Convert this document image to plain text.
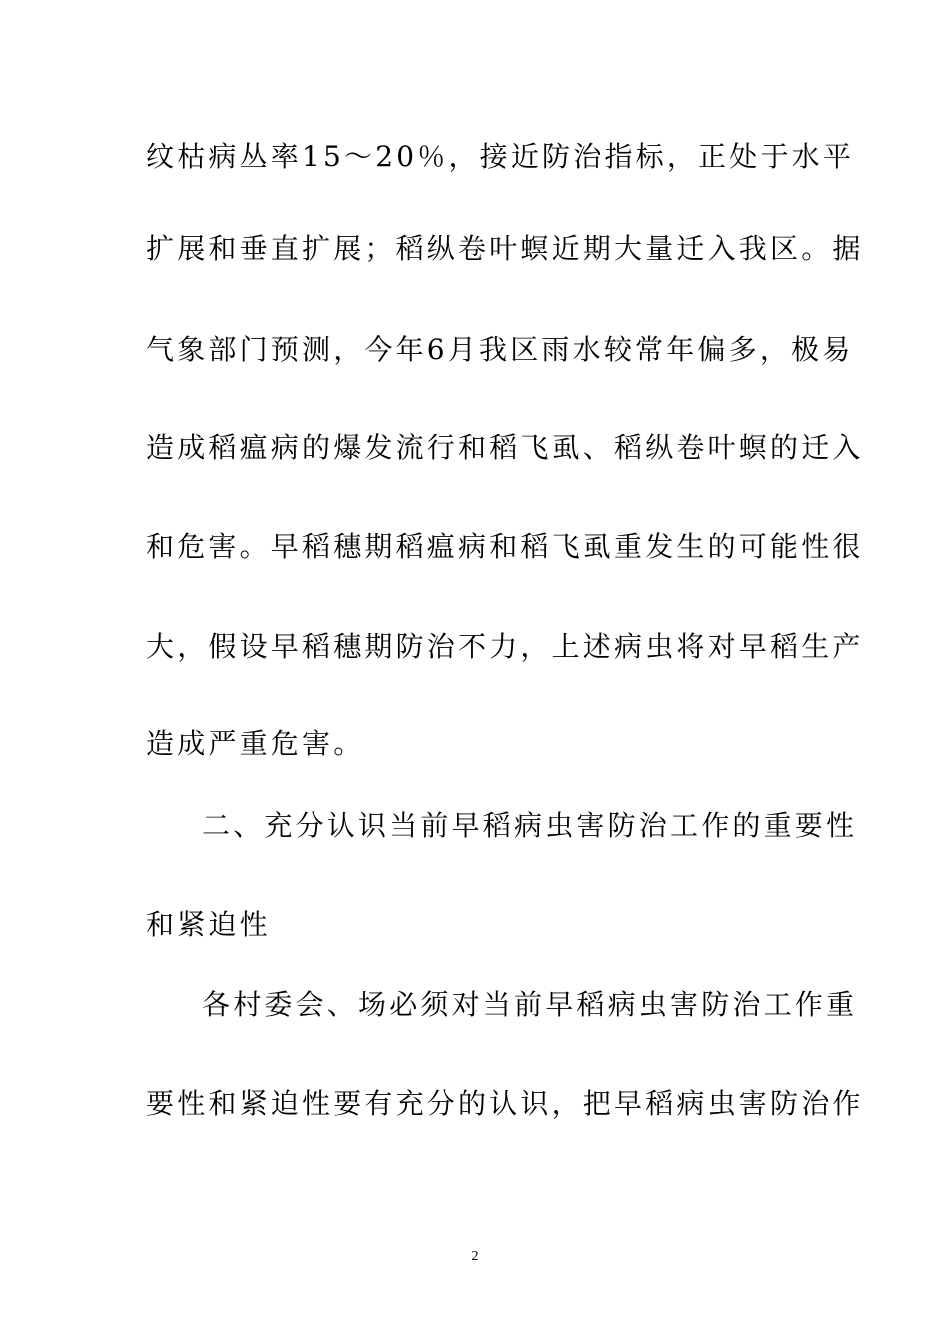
纹枯病丛率15～20％，接近防治指标，正处于水平
扩展和垂直扩展；稻纵卷叶螟近期大量迁入我区。据
气象部门预测，今年6月我区雨水较常年偏多，极易
造成稻瘟病的爆发流行和稻飞虱、稻纵卷叶螟的迁入
和危害。早稻穗期稻瘟病和稻飞虱重发生的可能性很
大，假设早稻穗期防治不力，上述病虫将对早稻生产
造成严重危害。
二、充分认识当前早稻病虫害防治工作的重要性
和紧迫性
各村委会、场必须对当前早稻病虫害防治工作重
要性和紧迫性要有充分的认识，把早稻病虫害防治作
2
